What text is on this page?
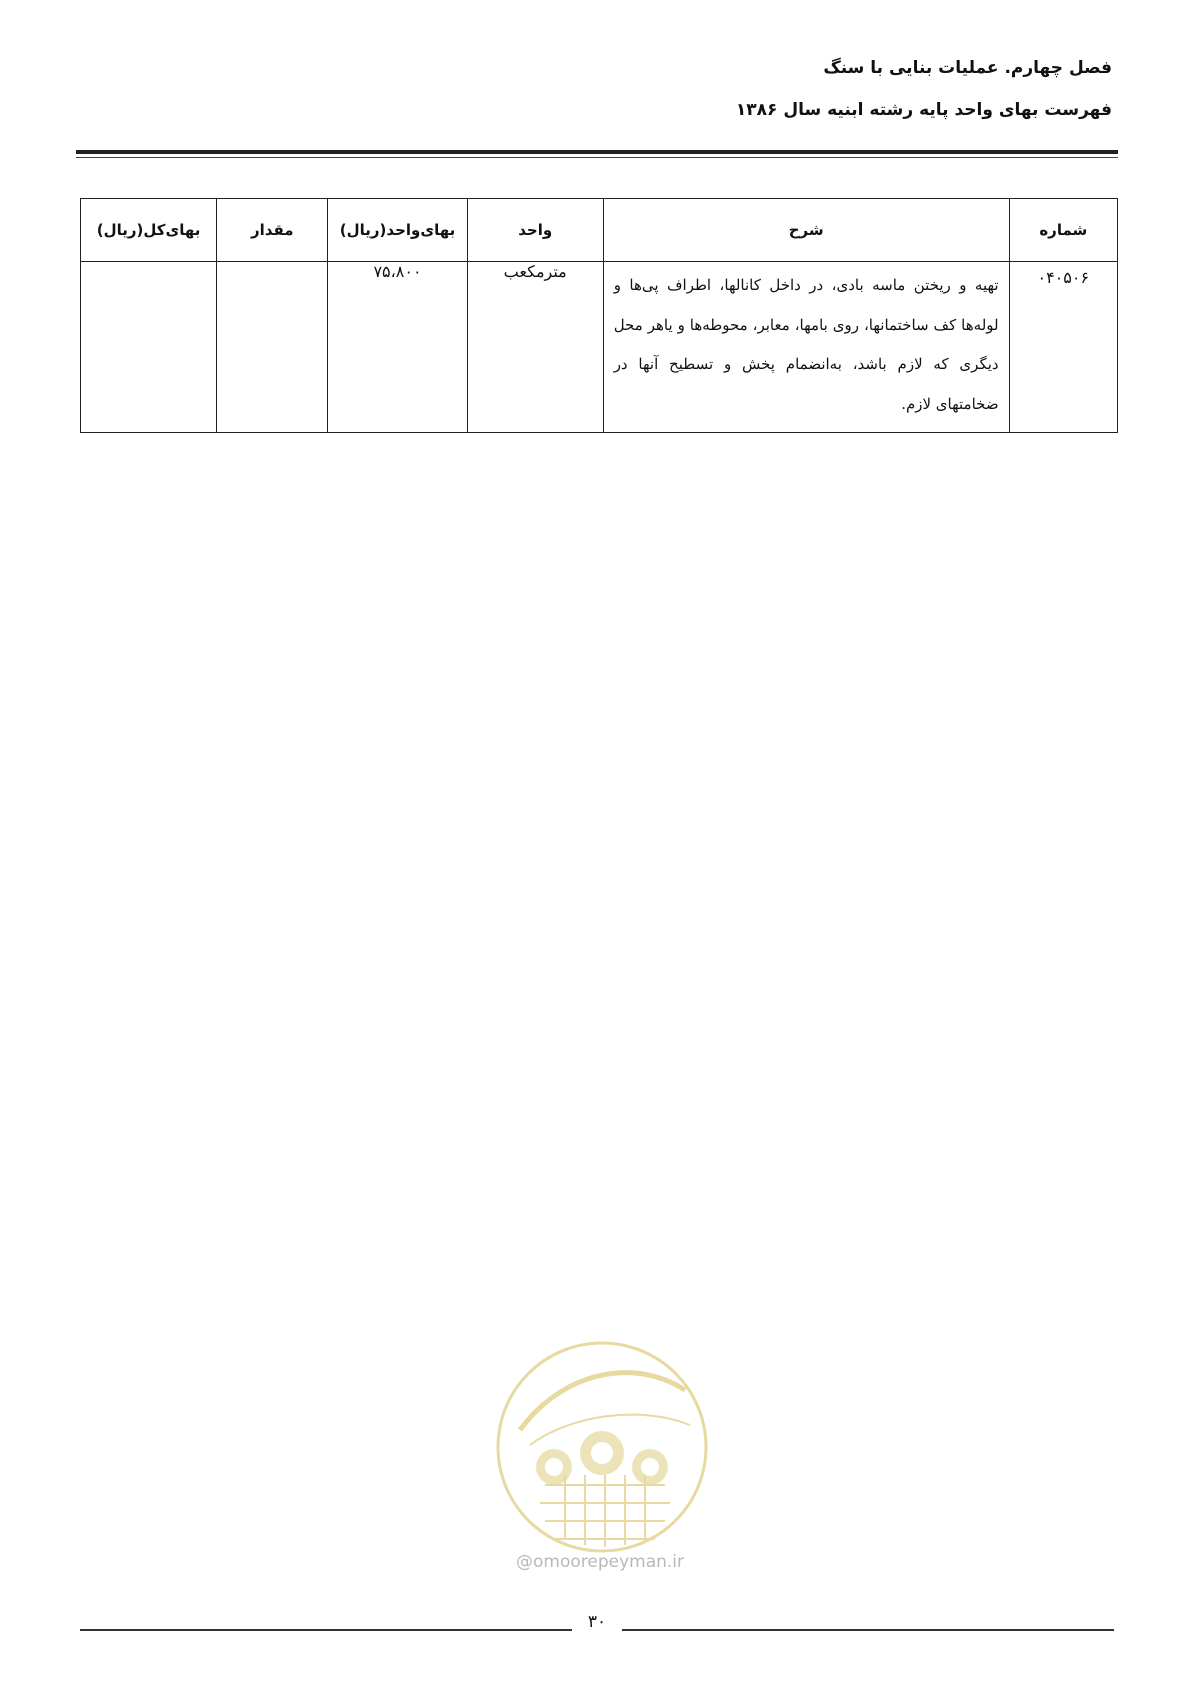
فصل چهارم. عملیات بنایی با سنگ
فهرست بهای واحد پایه رشته ابنیه سال ۱۳۸۶
شماره	شرح	واحد	بهای‌واحد(ریال)	مقدار	بهای‌کل(ریال)
۰۴۰۵۰۶	تهیه و ریختن ماسه بادی، در داخل کانالها، اطراف پی‌ها و لوله‌ها کف ساختمانها، روی بامها، معابر، محوطه‌ها و یاهر محل دیگری که لازم باشد، به‌انضمام پخش و تسطیح آنها در ضخامتهای لازم.	مترمکعب	۷۵،۸۰۰		
@omoorepeyman.ir
۳۰
